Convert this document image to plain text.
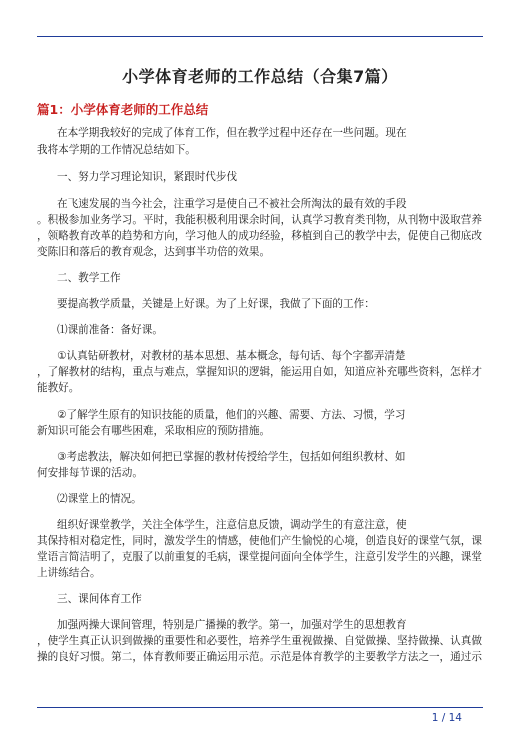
小学体育老师的工作总结（合集7篇）
篇1：小学体育老师的工作总结
在本学期我较好的完成了体育工作，但在教学过程中还存在一些问题。现在
我将本学期的工作情况总结如下。
一、努力学习理论知识，紧跟时代步伐
在飞速发展的当今社会，注重学习是使自己不被社会所淘汰的最有效的手段
。积极参加业务学习。平时，我能积极利用课余时间，认真学习教育类刊物，从刊物中汲取营养
，领略教育改革的趋势和方向，学习他人的成功经验，移植到自己的教学中去，促使自己彻底改
变陈旧和落后的教育观念，达到事半功倍的效果。
二、教学工作
要提高教学质量，关键是上好课。为了上好课，我做了下面的工作：
⑴课前准备：备好课。
①认真钻研教材，对教材的基本思想、基本概念，每句话、每个字都弄清楚
，了解教材的结构，重点与难点，掌握知识的逻辑，能运用自如，知道应补充哪些资料，怎样才
能教好。
②了解学生原有的知识技能的质量，他们的兴趣、需要、方法、习惯，学习
新知识可能会有哪些困难，采取相应的预防措施。
③考虑教法，解决如何把已掌握的教材传授给学生，包括如何组织教材、如
何安排每节课的活动。
⑵课堂上的情况。
组织好课堂教学，关注全体学生，注意信息反馈，调动学生的有意注意，使
其保持相对稳定性，同时，激发学生的情感，使他们产生愉悦的心境，创造良好的课堂气氛，课
堂语言简洁明了，克服了以前重复的毛病，课堂提问面向全体学生，注意引发学生的兴趣，课堂
上讲练结合。
三、课间体育工作
加强两操大课间管理，特别是广播操的教学。第一，加强对学生的思想教育
，使学生真正认识到做操的重要性和必要性，培养学生重视做操、自觉做操、坚持做操、认真做
操的良好习惯。第二，体育教师要正确运用示范。示范是体育教学的主要教学方法之一，通过示
1 / 14
